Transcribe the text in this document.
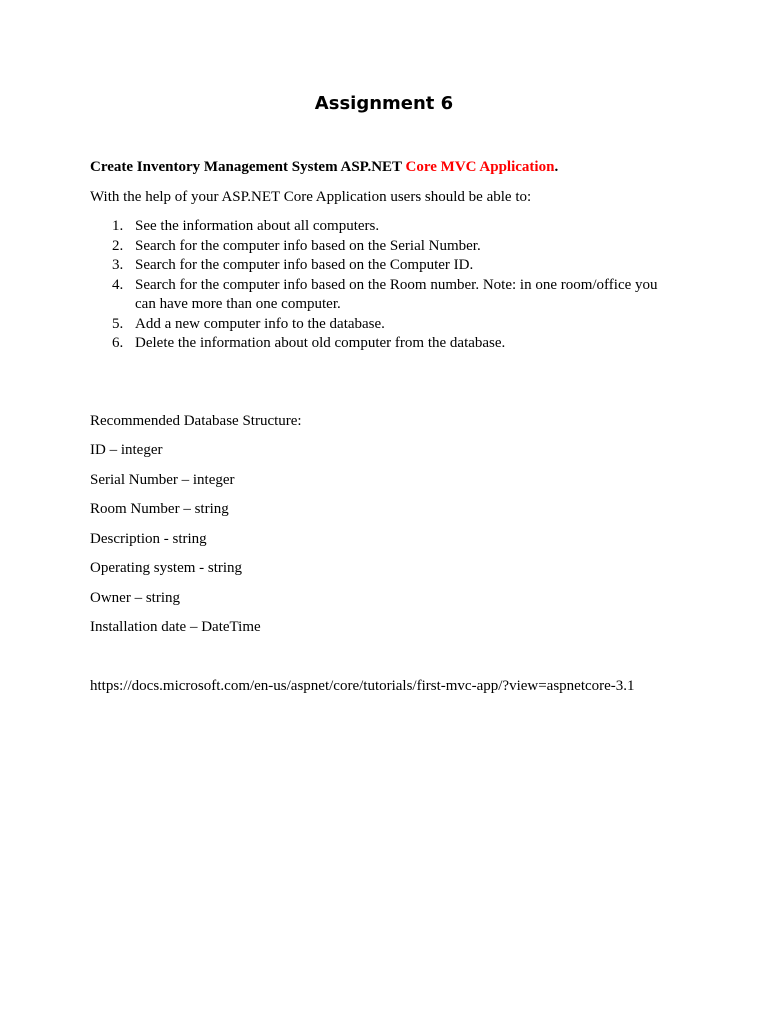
Assignment 6

Create Inventory Management System ASP.NET Core MVC Application.

With the help of your ASP.NET Core Application users should be able to:

See the information about all computers.
Search for the computer info based on the Serial Number.
Search for the computer info based on the Computer ID.
Search for the computer info based on the Room number. Note: in one room/office you can have more than one computer.
Add a new computer info to the database.
Delete the information about old computer from the database.

Recommended Database Structure:

ID – integer

Serial Number – integer

Room Number – string

Description - string

Operating system - string

Owner – string

Installation date – DateTime

https://docs.microsoft.com/en-us/aspnet/core/tutorials/first-mvc-app/?view=aspnetcore-3.1
